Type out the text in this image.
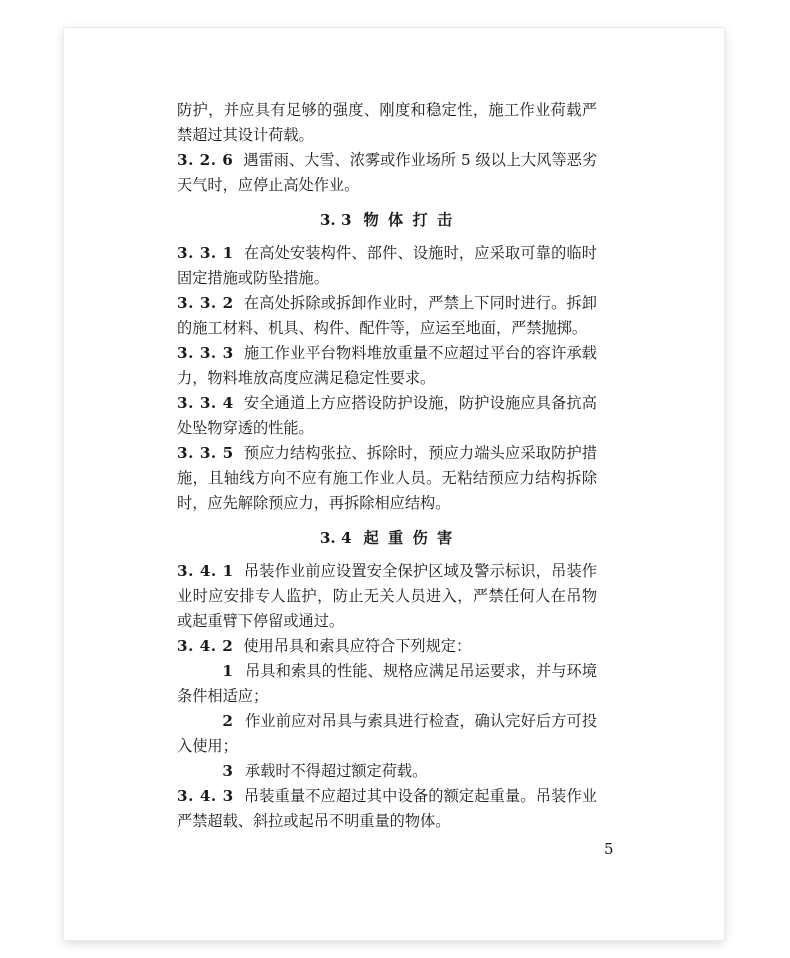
防护，并应具有足够的强度、刚度和稳定性，施工作业荷载严禁超过其设计荷载。
3. 2. 6 遇雷雨、大雪、浓雾或作业场所 5 级以上大风等恶劣天气时，应停止高处作业。
3. 3 物 体 打 击
3. 3. 1 在高处安装构件、部件、设施时，应采取可靠的临时固定措施或防坠措施。
3. 3. 2 在高处拆除或拆卸作业时，严禁上下同时进行。拆卸的施工材料、机具、构件、配件等，应运至地面，严禁抛掷。
3. 3. 3 施工作业平台物料堆放重量不应超过平台的容许承载力，物料堆放高度应满足稳定性要求。
3. 3. 4 安全通道上方应搭设防护设施，防护设施应具备抗高处坠物穿透的性能。
3. 3. 5 预应力结构张拉、拆除时，预应力端头应采取防护措施，且轴线方向不应有施工作业人员。无粘结预应力结构拆除时，应先解除预应力，再拆除相应结构。
3. 4 起 重 伤 害
3. 4. 1 吊装作业前应设置安全保护区域及警示标识，吊装作业时应安排专人监护，防止无关人员进入，严禁任何人在吊物或起重臂下停留或通过。
3. 4. 2 使用吊具和索具应符合下列规定：
1 吊具和索具的性能、规格应满足吊运要求，并与环境条件相适应；
2 作业前应对吊具与索具进行检查，确认完好后方可投入使用；
3 承载时不得超过额定荷载。
3. 4. 3 吊装重量不应超过其中设备的额定起重量。吊装作业严禁超载、斜拉或起吊不明重量的物体。
5
